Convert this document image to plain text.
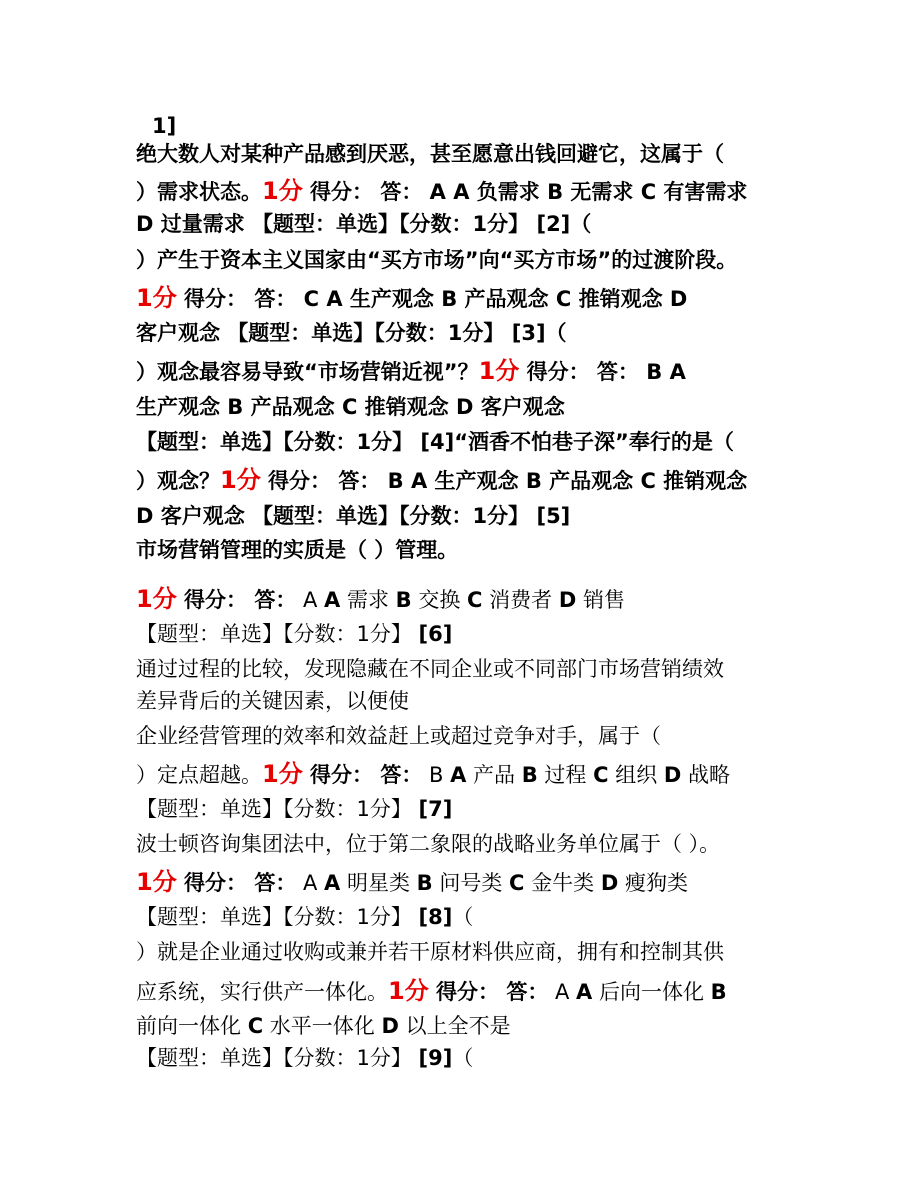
1]
绝大数人对某种产品感到厌恶，甚至愿意出钱回避它，这属于（
）需求状态。1分 得分： 答： A A 负需求 B 无需求 C 有害需求
D 过量需求 【题型：单选】【分数：1分】 [2]（
）产生于资本主义国家由“买方市场”向“买方市场”的过渡阶段。
1分 得分： 答： C A 生产观念 B 产品观念 C 推销观念 D
客户观念 【题型：单选】【分数：1分】 [3]（
）观念最容易导致“市场营销近视”？1分 得分： 答： B A
生产观念 B 产品观念 C 推销观念 D 客户观念
【题型：单选】【分数：1分】 [4]“酒香不怕巷子深”奉行的是（
）观念？1分 得分： 答： B A 生产观念 B 产品观念 C 推销观念
D 客户观念 【题型：单选】【分数：1分】 [5]
市场营销管理的实质是（ ）管理。
1分 得分： 答： A A 需求 B 交换 C 消费者 D 销售
【题型：单选】【分数：1分】 [6]
通过过程的比较，发现隐藏在不同企业或不同部门市场营销绩效
差异背后的关键因素，以便使
企业经营管理的效率和效益赶上或超过竞争对手，属于（
）定点超越。1分 得分： 答： B A 产品 B 过程 C 组织 D 战略
【题型：单选】【分数：1分】 [7]
波士顿咨询集团法中，位于第二象限的战略业务单位属于（ ）。
1分 得分： 答： A A 明星类 B 问号类 C 金牛类 D 瘦狗类
【题型：单选】【分数：1分】 [8]（
）就是企业通过收购或兼并若干原材料供应商，拥有和控制其供
应系统，实行供产一体化。1分 得分： 答： A A 后向一体化 B
前向一体化 C 水平一体化 D 以上全不是
【题型：单选】【分数：1分】 [9]（
